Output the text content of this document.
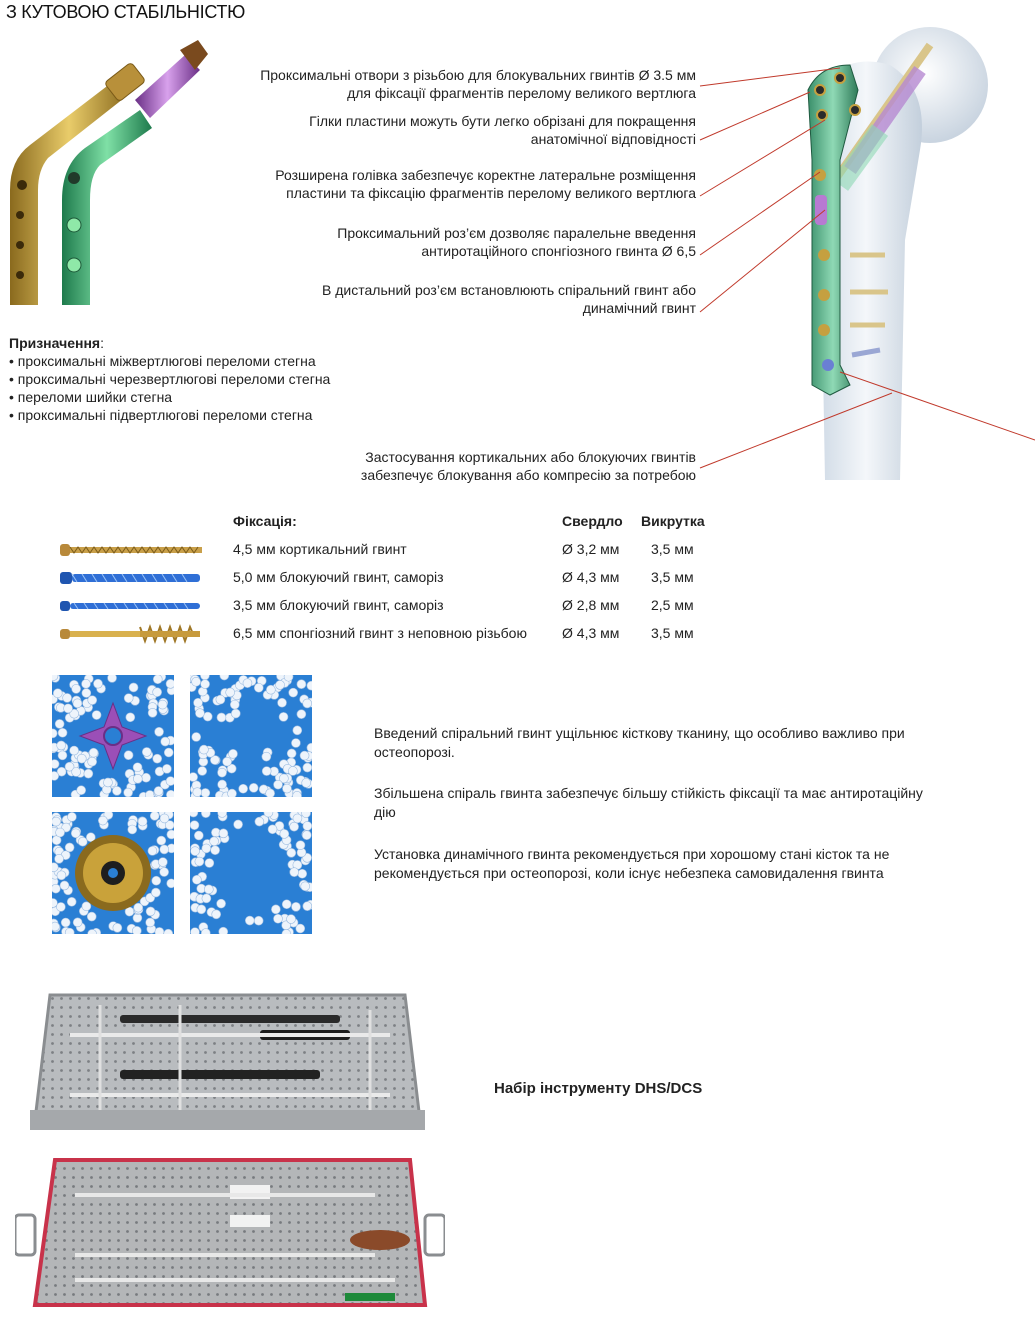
З КУТОВОЮ СТАБІЛЬНІСТЮ
Проксимальні отвори з різьбою для блокувальних гвинтів Ø 3.5 мм
для фіксації фрагментів перелому великого вертлюга
Гілки пластини можуть бути легко обрізані для покращення
анатомічної відповідності
Розширена голівка забезпечує коректне латеральне розміщення
пластини та фіксацію фрагментів перелому великого вертлюга
Проксимальний роз’єм дозволяє паралельне введення
антиротаційного спонгіозного гвинта Ø 6,5
В дистальний роз’єм встановлюють спіральний гвинт або
динамічний гвинт
Застосування кортикальних або блокуючих гвинтів
забезпечує блокування або компресію за потребою
Призначення:
• проксимальні міжвертлюгові переломи стегна
• проксимальні черезвертлюгові переломи стегна
• переломи шийки стегна
• проксимальні підвертлюгові переломи стегна
Фіксація:	Свердло Викрутка
4,5 мм кортикальний гвинт	Ø 3,2 мм 3,5 мм
5,0 мм блокуючий гвинт, саморіз	Ø 4,3 мм 3,5 мм
3,5 мм блокуючий гвинт, саморіз	Ø 2,8 мм 2,5 мм
6,5 мм спонгіозний гвинт з неповною різьбою	Ø 4,3 мм 3,5 мм
Введений спіральний гвинт ущільнює кісткову тканину, що особливо важливо при остеопорозі.
Збільшена спіраль гвинта забезпечує більшу стійкість фіксації та має антиротаційну дію
Установка динамічного гвинта рекомендується при хорошому стані кісток та не рекомендується при остеопорозі, коли існує небезпека самовидалення гвинта
Набір інструменту DHS/DCS
